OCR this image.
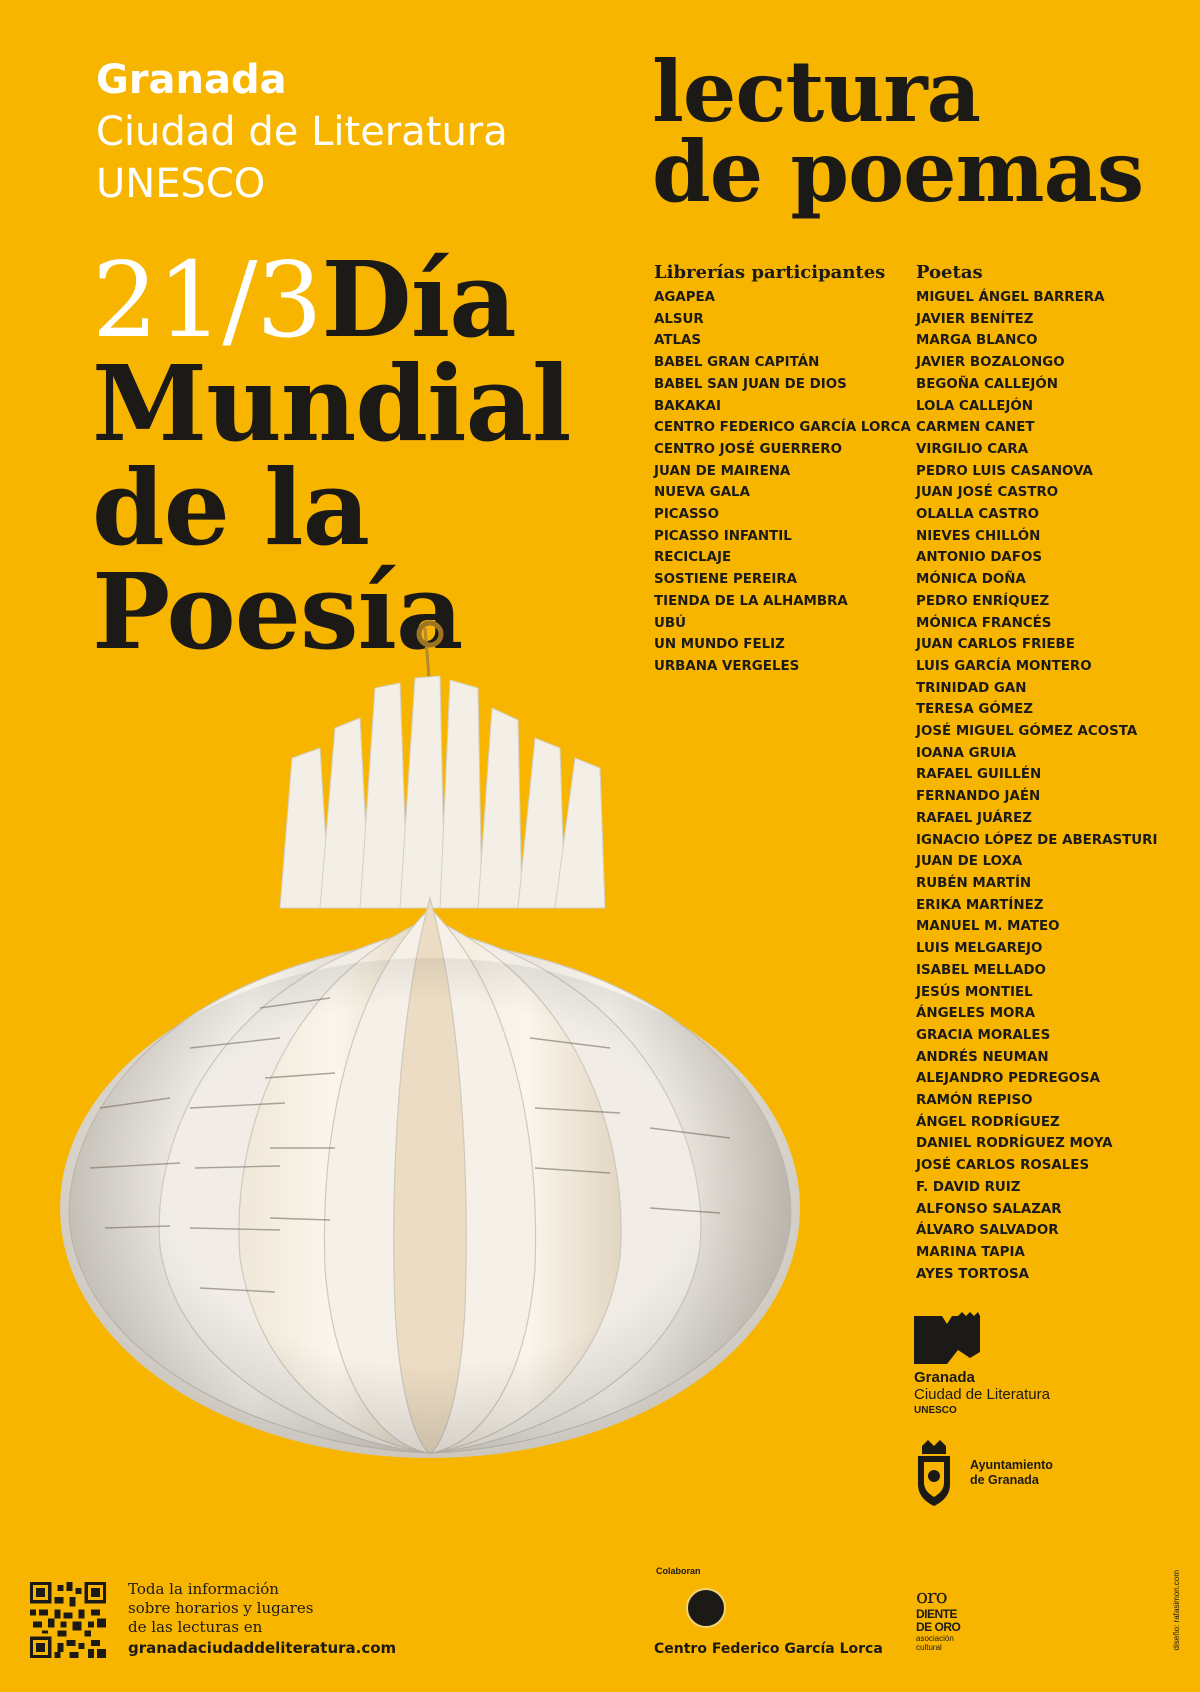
Granada
Ciudad de Literatura
UNESCO
21/3Día
Mundial
de la
Poesía
lectura
de poemas
Librerías participantes
AGAPEA
ALSUR
ATLAS
BABEL GRAN CAPITÁN
BABEL SAN JUAN DE DIOS
BAKAKAI
CENTRO FEDERICO GARCÍA LORCA
CENTRO JOSÉ GUERRERO
JUAN DE MAIRENA
NUEVA GALA
PICASSO
PICASSO INFANTIL
RECICLAJE
SOSTIENE PEREIRA
TIENDA DE LA ALHAMBRA
UBÚ
UN MUNDO FELIZ
URBANA VERGELES
Poetas
MIGUEL ÁNGEL BARRERA
JAVIER BENÍTEZ
MARGA BLANCO
JAVIER BOZALONGO
BEGOÑA CALLEJÓN
LOLA CALLEJÓN
CARMEN CANET
VIRGILIO CARA
PEDRO LUIS CASANOVA
JUAN JOSÉ CASTRO
OLALLA CASTRO
NIEVES CHILLÓN
ANTONIO DAFOS
MÓNICA DOÑA
PEDRO ENRÍQUEZ
MÓNICA FRANCÉS
JUAN CARLOS FRIEBE
LUIS GARCÍA MONTERO
TRINIDAD GAN
TERESA GÓMEZ
JOSÉ MIGUEL GÓMEZ ACOSTA
IOANA GRUIA
RAFAEL GUILLÉN
FERNANDO JAÉN
RAFAEL JUÁREZ
IGNACIO LÓPEZ DE ABERASTURI
JUAN DE LOXA
RUBÉN MARTÍN
ERIKA MARTÍNEZ
MANUEL M. MATEO
LUIS MELGAREJO
ISABEL MELLADO
JESÚS MONTIEL
ÁNGELES MORA
GRACIA MORALES
ANDRÉS NEUMAN
ALEJANDRO PEDREGOSA
RAMÓN REPISO
ÁNGEL RODRÍGUEZ
DANIEL RODRÍGUEZ MOYA
JOSÉ CARLOS ROSALES
F. DAVID RUIZ
ALFONSO SALAZAR
ÁLVARO SALVADOR
MARINA TAPIA
AYES TORTOSA
Granada
Ciudad de Literatura
UNESCO
Ayuntamiento
de Granada
Toda la información
sobre horarios y lugares
de las lecturas en
granadaciudaddeliteratura.com
Colaboran
Centro Federico García Lorca
oro
DIENTE
DE ORO
asociación
cultural	diseño: rafasimon.com
